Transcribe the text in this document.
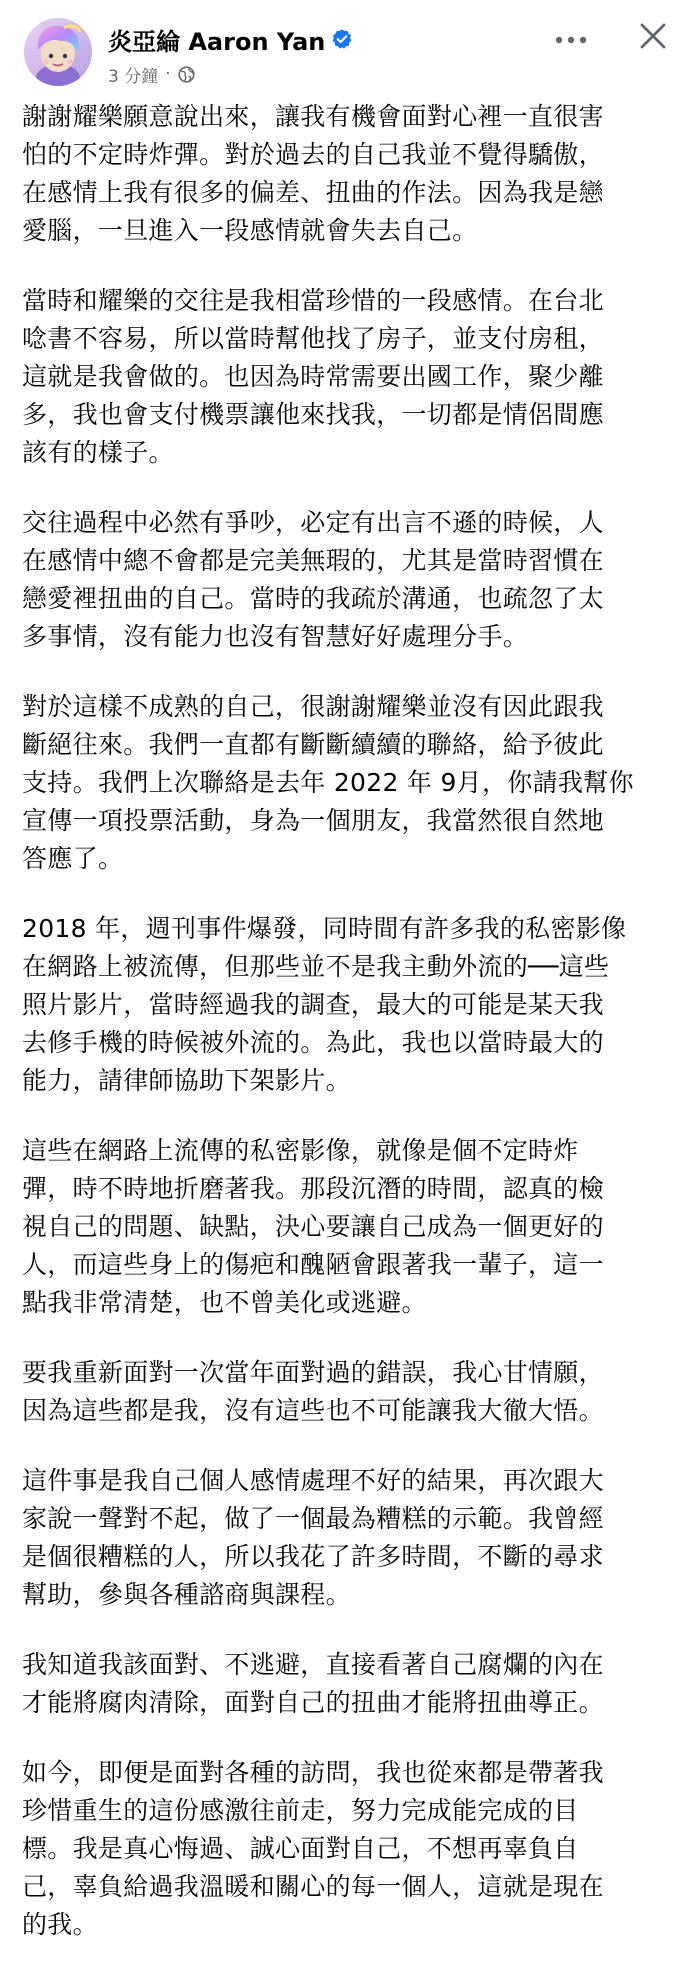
炎亞綸 Aaron Yan
3 分鐘 ·
謝謝耀樂願意說出來，讓我有機會面對心裡一直很害
怕的不定時炸彈。對於過去的自己我並不覺得驕傲，
在感情上我有很多的偏差、扭曲的作法。因為我是戀
愛腦，一旦進入一段感情就會失去自己。
當時和耀樂的交往是我相當珍惜的一段感情。在台北
唸書不容易，所以當時幫他找了房子，並支付房租，
這就是我會做的。也因為時常需要出國工作，聚少離
多，我也會支付機票讓他來找我，一切都是情侶間應
該有的樣子。
交往過程中必然有爭吵，必定有出言不遜的時候，人
在感情中總不會都是完美無瑕的，尤其是當時習慣在
戀愛裡扭曲的自己。當時的我疏於溝通，也疏忽了太
多事情，沒有能力也沒有智慧好好處理分手。
對於這樣不成熟的自己，很謝謝耀樂並沒有因此跟我
斷絕往來。我們一直都有斷斷續續的聯絡，給予彼此
支持。我們上次聯絡是去年 2022 年 9月，你請我幫你
宣傳一項投票活動，身為一個朋友，我當然很自然地
答應了。
2018 年，週刊事件爆發，同時間有許多我的私密影像
在網路上被流傳，但那些並不是我主動外流的──這些
照片影片，當時經過我的調查，最大的可能是某天我
去修手機的時候被外流的。為此，我也以當時最大的
能力，請律師協助下架影片。
這些在網路上流傳的私密影像，就像是個不定時炸
彈，時不時地折磨著我。那段沉潛的時間，認真的檢
視自己的問題、缺點，決心要讓自己成為一個更好的
人，而這些身上的傷疤和醜陋會跟著我一輩子，這一
點我非常清楚，也不曾美化或逃避。
要我重新面對一次當年面對過的錯誤，我心甘情願，
因為這些都是我，沒有這些也不可能讓我大徹大悟。
這件事是我自己個人感情處理不好的結果，再次跟大
家說一聲對不起，做了一個最為糟糕的示範。我曾經
是個很糟糕的人，所以我花了許多時間，不斷的尋求
幫助，參與各種諮商與課程。
我知道我該面對、不逃避，直接看著自己腐爛的內在
才能將腐肉清除，面對自己的扭曲才能將扭曲導正。
如今，即便是面對各種的訪問，我也從來都是帶著我
珍惜重生的這份感激往前走，努力完成能完成的目
標。我是真心悔過、誠心面對自己，不想再辜負自
己，辜負給過我溫暖和關心的每一個人，這就是現在
的我。
